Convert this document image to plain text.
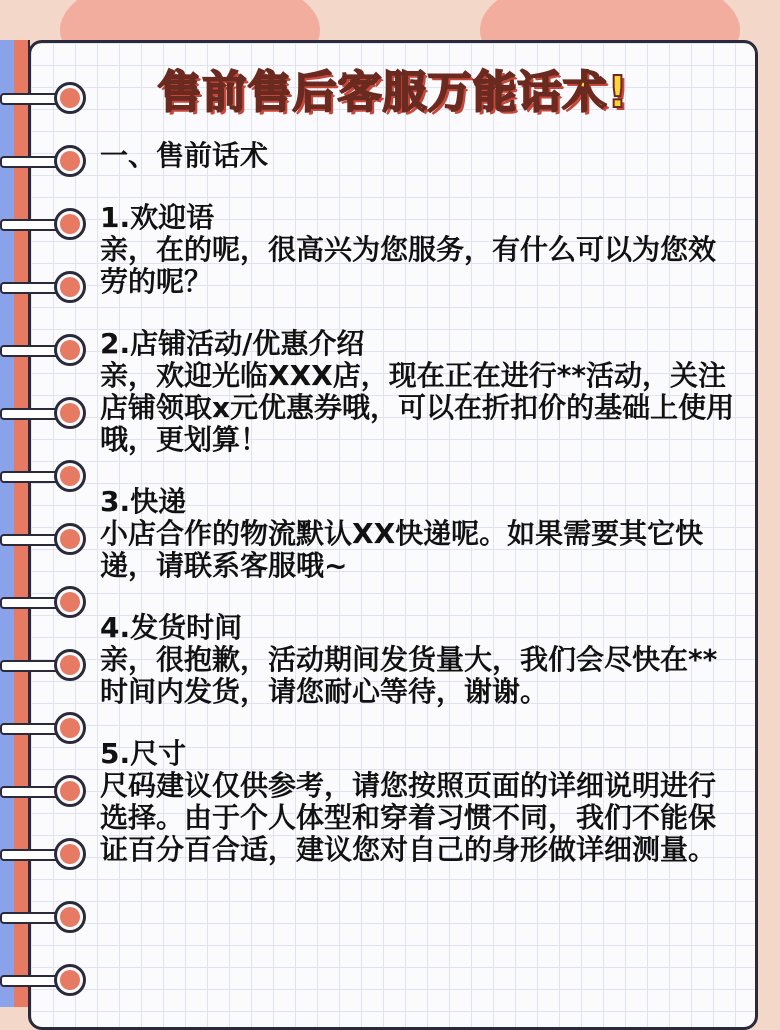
售前售后客服万能话术!
一、售前话术
1.欢迎语
亲，在的呢，很高兴为您服务，有什么可以为您效劳的呢？
2.店铺活动/优惠介绍
亲，欢迎光临XXX店，现在正在进行**活动，关注店铺领取x元优惠券哦，可以在折扣价的基础上使用哦，更划算！
3.快递
小店合作的物流默认XX快递呢。如果需要其它快递，请联系客服哦~
4.发货时间
亲，很抱歉，活动期间发货量大，我们会尽快在**时间内发货，请您耐心等待，谢谢。
5.尺寸
尺码建议仅供参考，请您按照页面的详细说明进行选择。由于个人体型和穿着习惯不同，我们不能保证百分百合适，建议您对自己的身形做详细测量。
